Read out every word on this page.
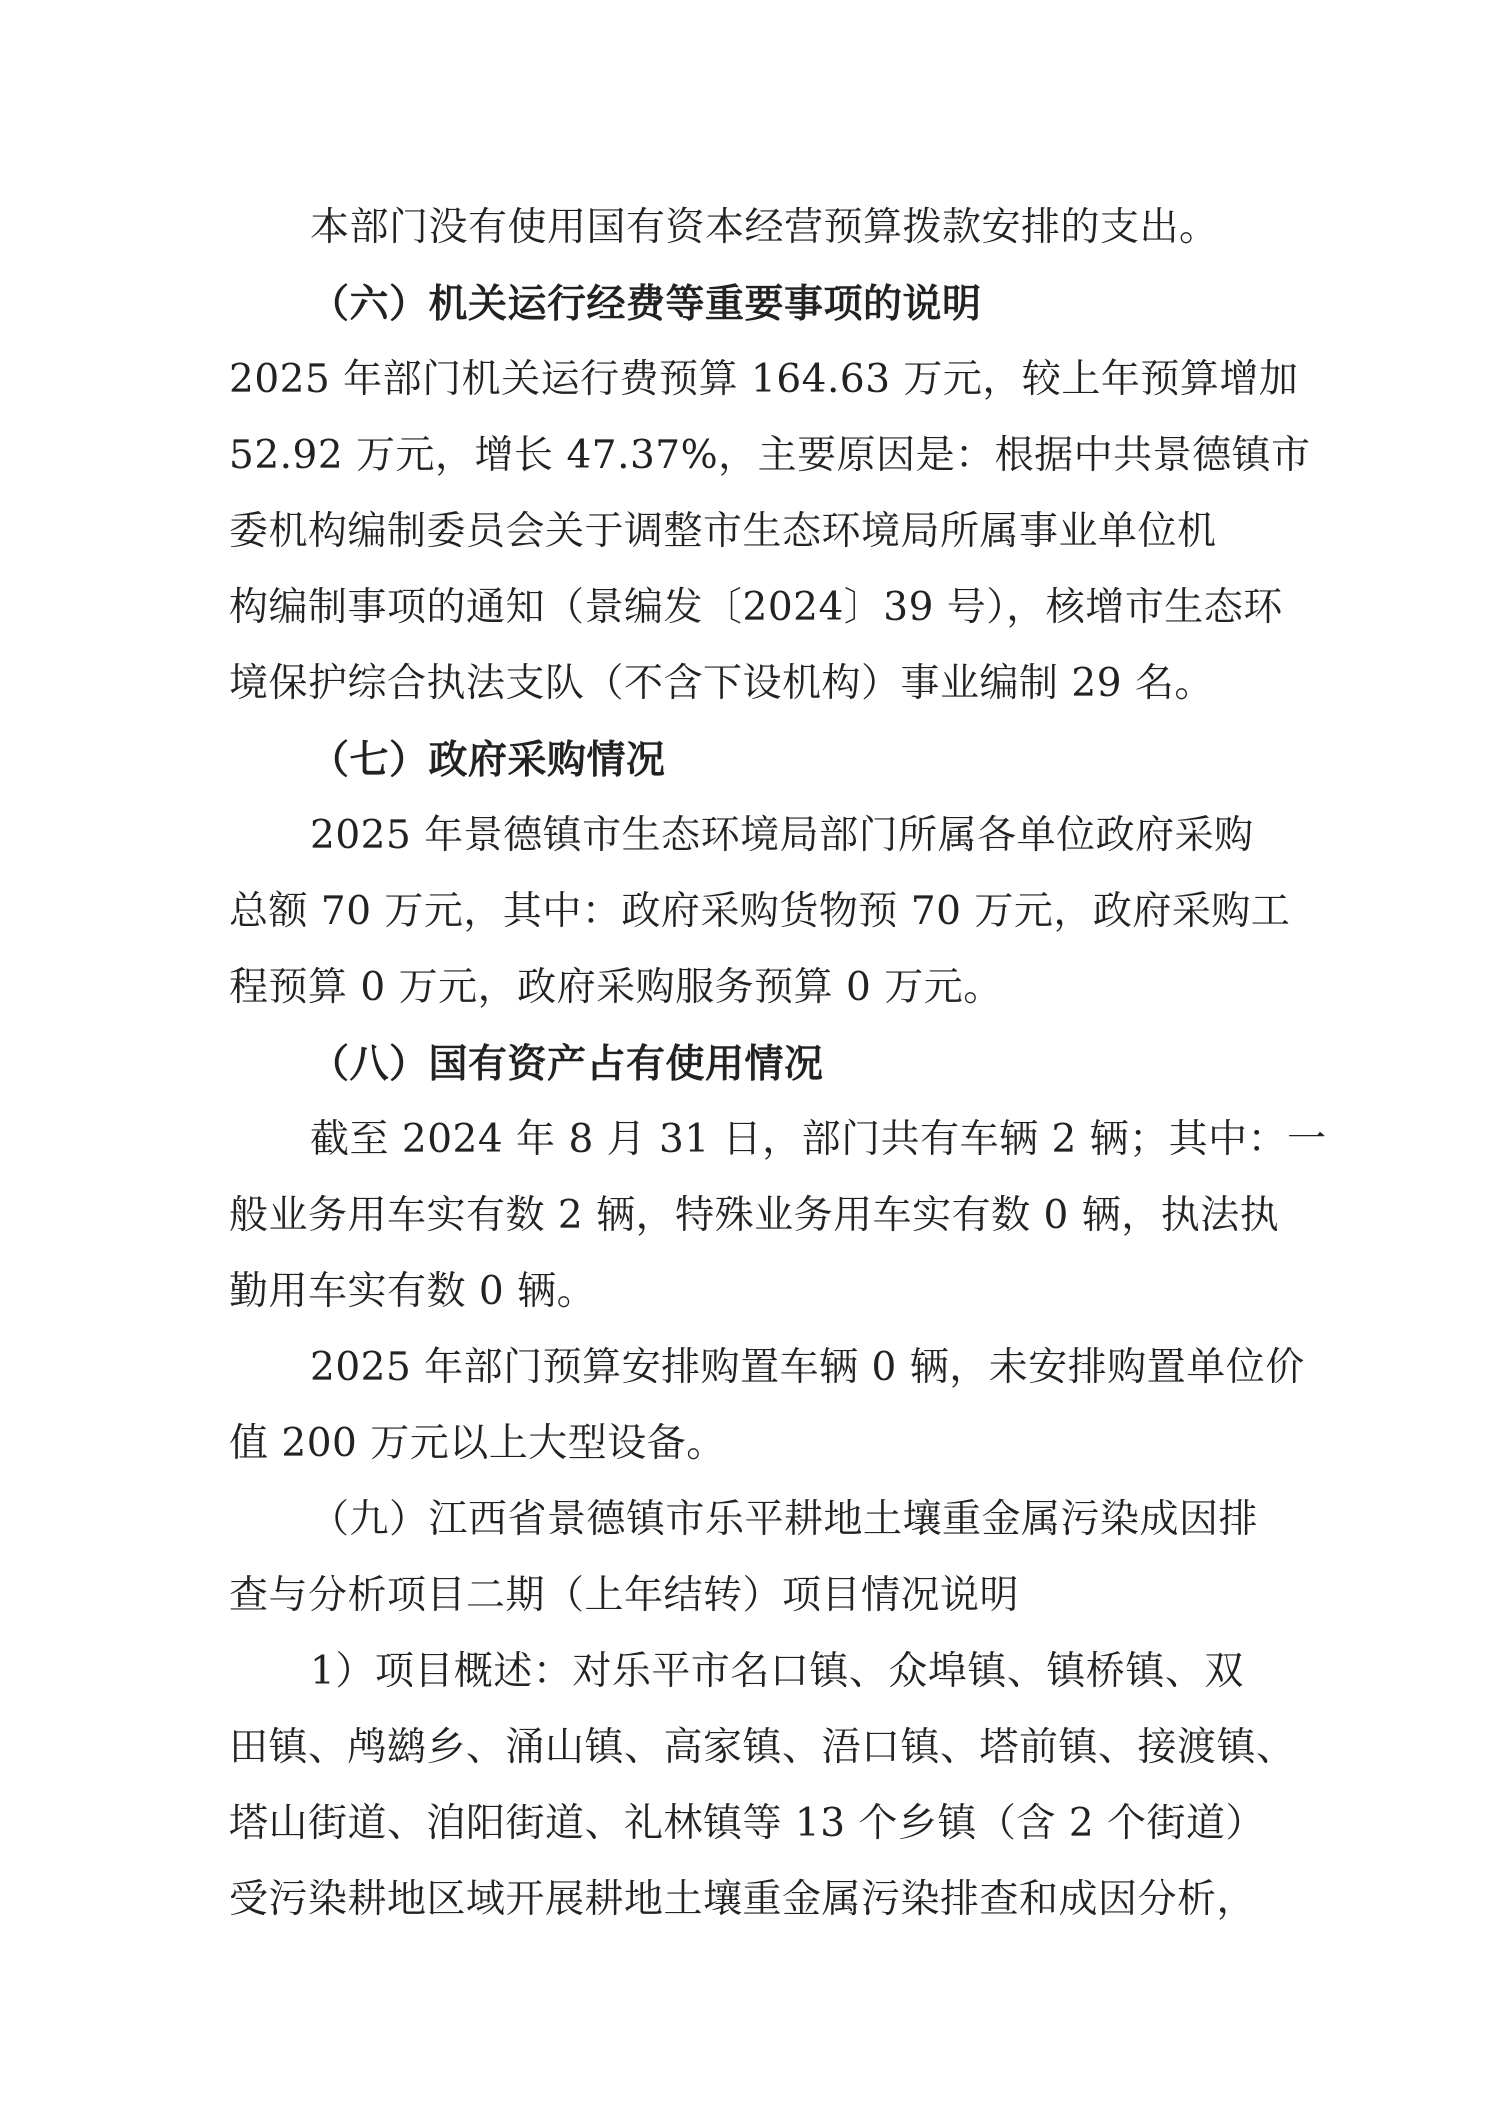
本部门没有使用国有资本经营预算拨款安排的支出。
（六）机关运行经费等重要事项的说明
2025 年部门机关运行费预算 164.63 万元，较上年预算增加
52.92 万元，增长 47.37%，主要原因是：根据中共景德镇市
委机构编制委员会关于调整市生态环境局所属事业单位机
构编制事项的通知（景编发〔2024〕39 号），核增市生态环
境保护综合执法支队（不含下设机构）事业编制 29 名。
（七）政府采购情况
2025 年景德镇市生态环境局部门所属各单位政府采购
总额 70 万元，其中：政府采购货物预 70 万元，政府采购工
程预算 0 万元，政府采购服务预算 0 万元。
（八）国有资产占有使用情况
截至 2024 年 8 月 31 日，部门共有车辆 2 辆；其中：一
般业务用车实有数 2 辆，特殊业务用车实有数 0 辆，执法执
勤用车实有数 0 辆。
2025 年部门预算安排购置车辆 0 辆，未安排购置单位价
值 200 万元以上大型设备。
（九）江西省景德镇市乐平耕地土壤重金属污染成因排
查与分析项目二期（上年结转）项目情况说明
1）项目概述：对乐平市名口镇、众埠镇、镇桥镇、双
田镇、鸬鹚乡、涌山镇、高家镇、浯口镇、塔前镇、接渡镇、
塔山街道、洎阳街道、礼林镇等 13 个乡镇（含 2 个街道）
受污染耕地区域开展耕地土壤重金属污染排查和成因分析，
